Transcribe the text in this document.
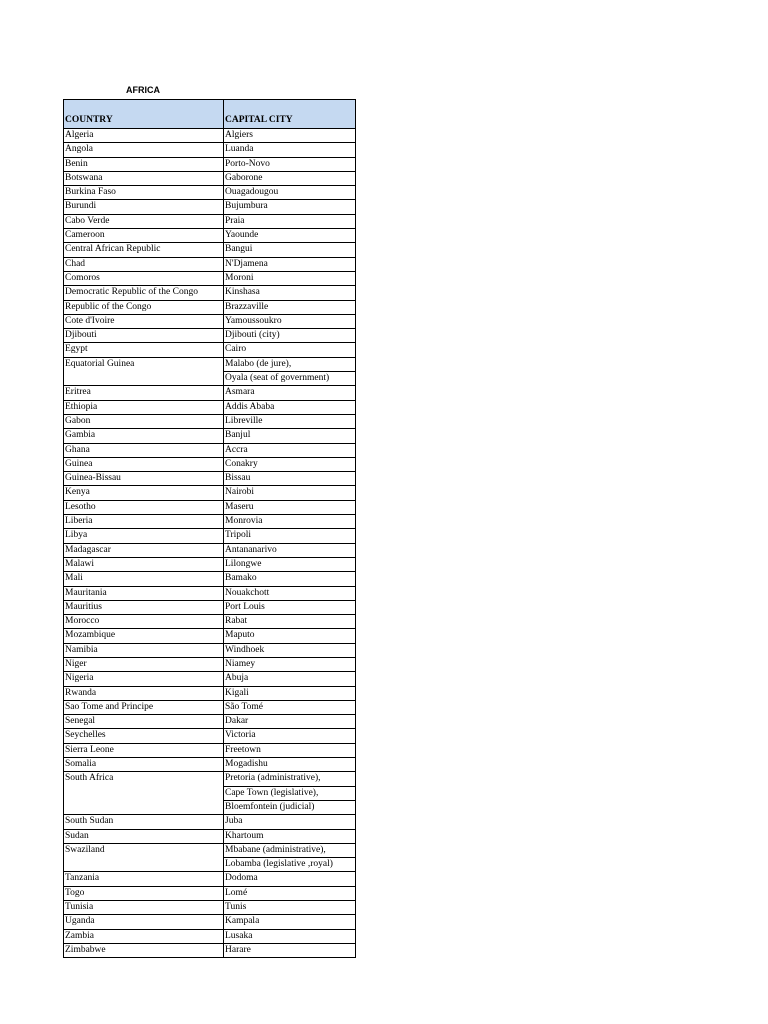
AFRICA
COUNTRY	CAPITAL CITY
Algeria	Algiers
Angola	Luanda
Benin	Porto-Novo
Botswana	Gaborone
Burkina Faso	Ouagadougou
Burundi	Bujumbura
Cabo Verde	Praia
Cameroon	Yaounde
Central African Republic	Bangui
Chad	N'Djamena
Comoros	Moroni
Democratic Republic of the Congo	Kinshasa
Republic of the Congo	Brazzaville
Cote d'Ivoire	Yamoussoukro
Djibouti	Djibouti (city)
Egypt	Cairo
Equatorial Guinea	Malabo (de jure),
	Oyala (seat of government)
Eritrea	Asmara
Ethiopia	Addis Ababa
Gabon	Libreville
Gambia	Banjul
Ghana	Accra
Guinea	Conakry
Guinea-Bissau	Bissau
Kenya	Nairobi
Lesotho	Maseru
Liberia	Monrovia
Libya	Tripoli
Madagascar	Antananarivo
Malawi	Lilongwe
Mali	Bamako
Mauritania	Nouakchott
Mauritius	Port Louis
Morocco	Rabat
Mozambique	Maputo
Namibia	Windhoek
Niger	Niamey
Nigeria	Abuja
Rwanda	Kigali
Sao Tome and Principe	São Tomé
Senegal	Dakar
Seychelles	Victoria
Sierra Leone	Freetown
Somalia	Mogadishu
South Africa	Pretoria (administrative),
	Cape Town (legislative),
	Bloemfontein (judicial)
South Sudan	Juba
Sudan	Khartoum
Swaziland	Mbabane (administrative),
	Lobamba (legislative ,royal)
Tanzania	Dodoma
Togo	Lomé
Tunisia	Tunis
Uganda	Kampala
Zambia	Lusaka
Zimbabwe	Harare
